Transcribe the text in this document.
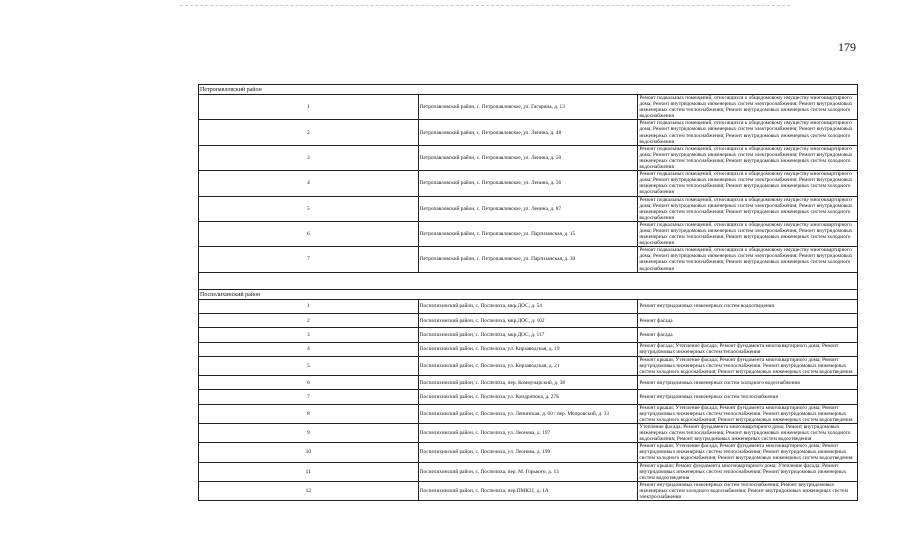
179
Петропавловский район		
1	Петропавловский район, с. Петропавловское, ул. Гагарина, д. 13	Ремонт подвальных помещений, относящихся к общедомовому имуществу многоквартирного дома; Ремонт внутридомовых инженерных систем электроснабжения; Ремонт внутридомовых инженерных систем теплоснабжения; Ремонт внутридомовых инженерных систем холодного водоснабжения
2	Петропавловский район, с. Петропавловское, ул. Ленина, д. 48	Ремонт подвальных помещений, относящихся к общедомовому имуществу многоквартирного дома; Ремонт внутридомовых инженерных систем электроснабжения; Ремонт внутридомовых инженерных систем теплоснабжения; Ремонт внутридомовых инженерных систем холодного водоснабжения
3	Петропавловский район, с. Петропавловское, ул. Ленина, д. 50	Ремонт подвальных помещений, относящихся к общедомовому имуществу многоквартирного дома; Ремонт внутридомовых инженерных систем электроснабжения; Ремонт внутридомовых инженерных систем теплоснабжения; Ремонт внутридомовых инженерных систем холодного водоснабжения
4	Петропавловский район, с. Петропавловское, ул. Ленина, д. 56	Ремонт подвальных помещений, относящихся к общедомовому имуществу многоквартирного дома; Ремонт внутридомовых инженерных систем электроснабжения; Ремонт внутридомовых инженерных систем теплоснабжения; Ремонт внутридомовых инженерных систем холодного водоснабжения
5	Петропавловский район, с. Петропавловское, ул. Ленина, д. 87	Ремонт подвальных помещений, относящихся к общедомовому имуществу многоквартирного дома; Ремонт внутридомовых инженерных систем электроснабжения; Ремонт внутридомовых инженерных систем теплоснабжения; Ремонт внутридомовых инженерных систем холодного водоснабжения
6	Петропавловский район, с. Петропавловское, ул. Партизанская, д. 15	Ремонт подвальных помещений, относящихся к общедомовому имуществу многоквартирного дома; Ремонт внутридомовых инженерных систем электроснабжения; Ремонт внутридомовых инженерных систем теплоснабжения; Ремонт внутридомовых инженерных систем холодного водоснабжения
7	Петропавловский район, с. Петропавловское, ул. Партизанская, д. 30	Ремонт подвальных помещений, относящихся к общедомовому имуществу многоквартирного дома; Ремонт внутридомовых инженерных систем электроснабжения; Ремонт внутридомовых инженерных систем теплоснабжения; Ремонт внутридомовых инженерных систем холодного водоснабжения

Поспелихинский район		
1	Поспелихинский район, с. Поспелиха, мкр.ДОС, д. 54	Ремонт внутридомовых инженерных систем водоотведения
2	Поспелихинский район, с. Поспелиха, мкр.ДОС, д. 102	Ремонт фасада
3	Поспелихинский район, с. Поспелиха, мкр.ДОС, д. 117	Ремонт фасада
4	Поспелихинский район, с. Поспелиха, ул. Кирзаводская, д. 19	Ремонт фасада; Утепление фасада; Ремонт фундамента многоквартирного дома; Ремонт внутридомовых инженерных систем теплоснабжения
5	Поспелихинский район, с. Поспелиха, ул. Кирзаводская, д. 21	Ремонт крыши; Утепление фасада; Ремонт фундамента многоквартирного дома; Ремонт внутридомовых инженерных систем теплоснабжения; Ремонт внутридомовых инженерных систем холодного водоснабжения; Ремонт внутридомовых инженерных систем водоотведения
6	Поспелихинский район, с. Поспелиха, пер. Коммунарский, д. 38	Ремонт внутридомовых инженерных систем холодного водоснабжения
7	Поспелихинский район, с. Поспелиха, ул. Кондратюка, д. 27Б	Ремонт внутридомовых инженерных систем теплоснабжения
8	Поспелихинский район, с. Поспелиха, ул. Ленинская, д. 60 / пер. Мопровский, д. 33	Ремонт крыши; Утепление фасада; Ремонт фундамента многоквартирного дома; Ремонт внутридомовых инженерных систем теплоснабжения; Ремонт внутридомовых инженерных систем холодного водоснабжения; Ремонт внутридомовых инженерных систем водоотведения
9	Поспелихинский район, с. Поспелиха, ул. Леонова, д. 197	Утепление фасада; Ремонт фундамента многоквартирного дома; Ремонт внутридомовых инженерных систем теплоснабжения; Ремонт внутридомовых инженерных систем холодного водоснабжения; Ремонт внутридомовых инженерных систем водоотведения
10	Поспелихинский район, с. Поспелиха, ул. Леонова, д. 199	Ремонт крыши; Утепление фасада; Ремонт фундамента многоквартирного дома; Ремонт внутридомовых инженерных систем теплоснабжения; Ремонт внутридомовых инженерных систем холодного водоснабжения; Ремонт внутридомовых инженерных систем водоотведения
11	Поспелихинский район, с. Поспелиха, пер. М. Горького, д. 13	Ремонт крыши; Ремонт фундамента многоквартирного дома; Утепление фасада; Ремонт внутридомовых инженерных систем теплоснабжения; Ремонт внутридомовых инженерных систем водоотведения
12	Поспелихинский район, с. Поспелиха, пер.ПМК31, д. 1А	Ремонт внутридомовых инженерных систем теплоснабжения; Ремонт внутридомовых инженерных систем холодного водоснабжения; Ремонт внутридомовых инженерных систем электроснабжения
